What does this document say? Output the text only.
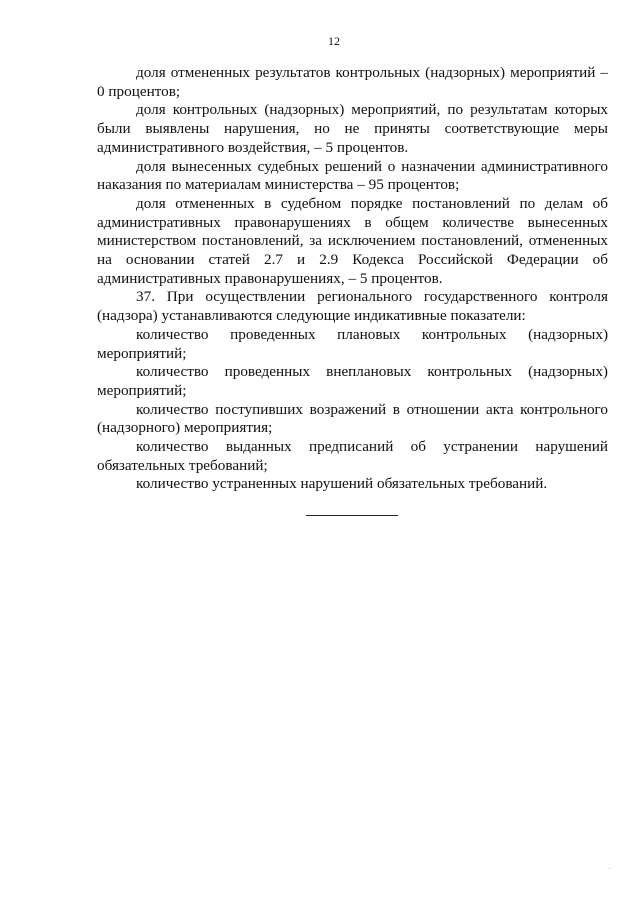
12

доля отмененных результатов контрольных (надзорных) мероприятий – 0 процентов;

доля контрольных (надзорных) мероприятий, по результатам которых были выявлены нарушения, но не приняты соответствующие меры административного воздействия, – 5 процентов.

доля вынесенных судебных решений о назначении административного наказания по материалам министерства – 95 процентов;

доля отмененных в судебном порядке постановлений по делам об административных правонарушениях в общем количестве вынесенных министерством постановлений, за исключением постановлений, отмененных на основании статей 2.7 и 2.9 Кодекса Российской Федерации об административных правонарушениях, – 5 процентов.

37. При осуществлении регионального государственного контроля (надзора) устанавливаются следующие индикативные показатели:

количество проведенных плановых контрольных (надзорных) мероприятий;

количество проведенных внеплановых контрольных (надзорных) мероприятий;

количество поступивших возражений в отношении акта контрольного (надзорного) мероприятия;

количество выданных предписаний об устранении нарушений обязательных требований;

количество устраненных нарушений обязательных требований.
